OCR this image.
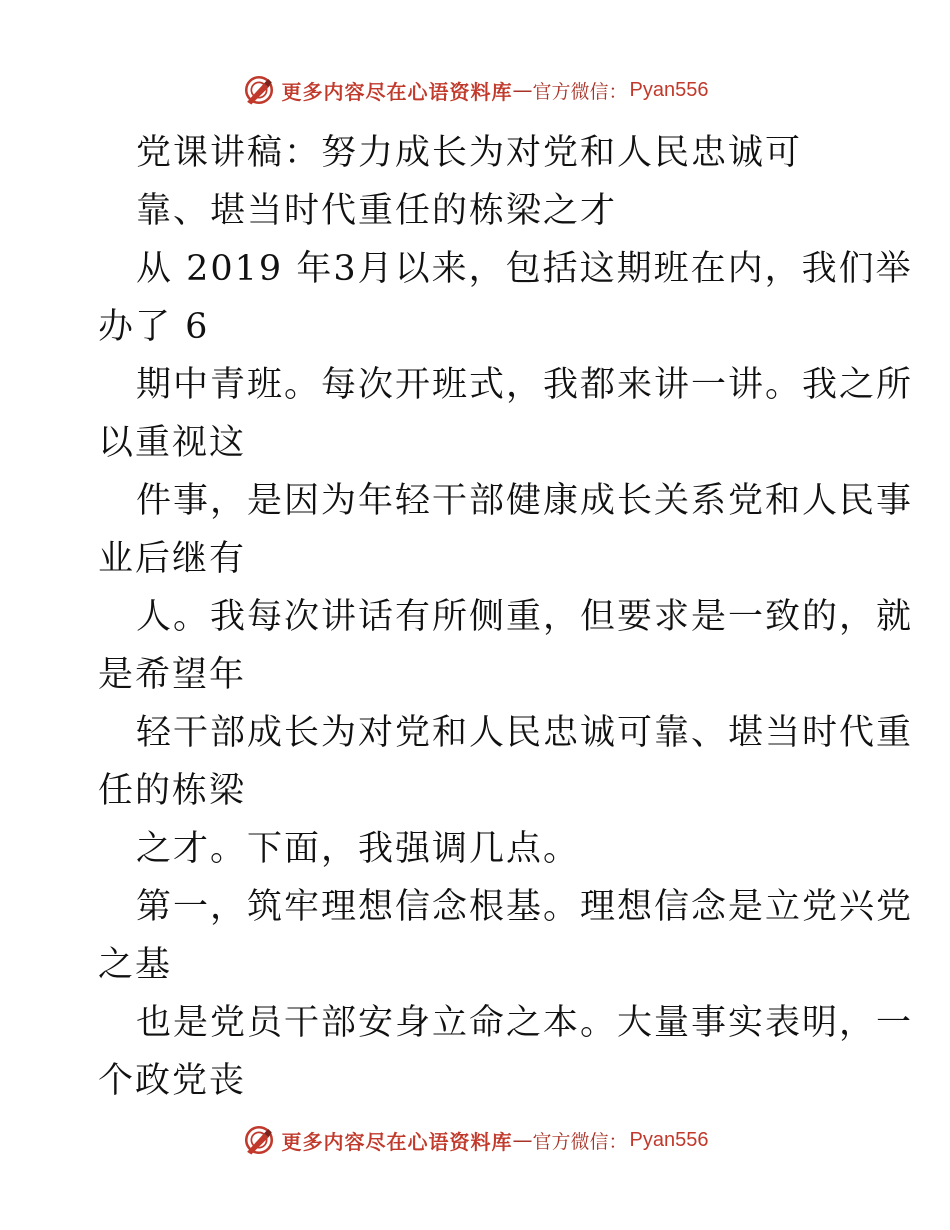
更多内容尽在心语资料库 — 官方微信： Pyan556
党课讲稿：努力成长为对党和人民忠诚可
靠、堪当时代重任的栋梁之才
从 2019 年3月以来，包括这期班在内，我们举
办了 6
期中青班。每次开班式，我都来讲一讲。我之所
以重视这
件事，是因为年轻干部健康成长关系党和人民事
业后继有
人。我每次讲话有所侧重，但要求是一致的，就
是希望年
轻干部成长为对党和人民忠诚可靠、堪当时代重
任的栋梁
之才。下面，我强调几点。
第一，筑牢理想信念根基。理想信念是立党兴党
之基
也是党员干部安身立命之本。大量事实表明，一
个政党丧
更多内容尽在心语资料库 — 官方微信： Pyan556
